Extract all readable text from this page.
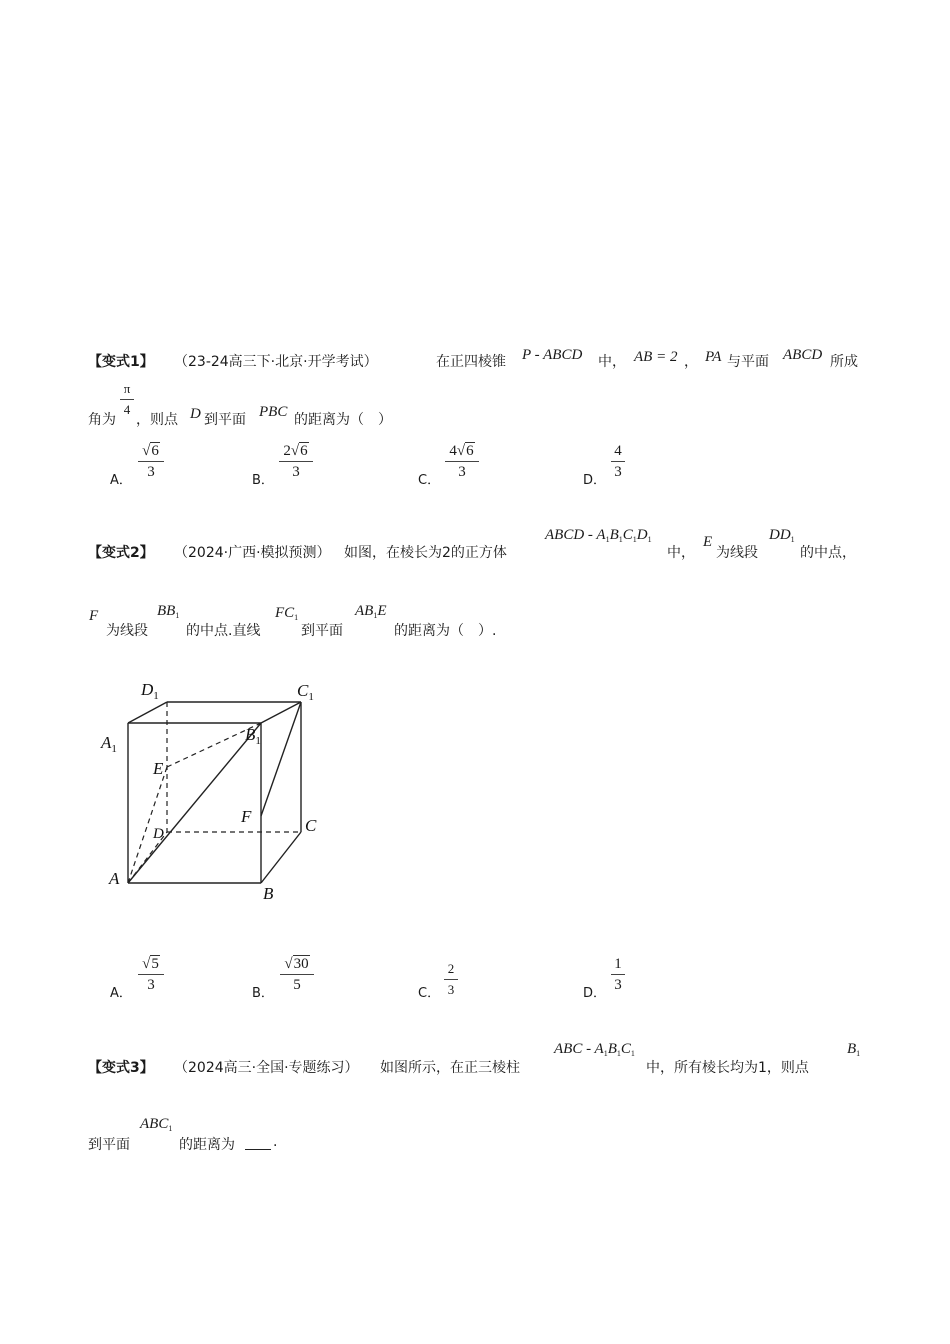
【变式1】 （23-24高三下·北京·开学考试）	在正四棱锥 P - ABCD 中， AB = 2 ， PA 与平面 ABCD 所成
角为
π
4
，则点 D 到平面 PBC 的距离为（　）
A．
√6
3
B．
2√6
3
C．
4√6
3
D．
4
3
【变式2】 （2024·广西·模拟预测） 如图，在棱长为2的正方体
ABCD - $A_1B_1C_1D_1$
中，
E
为线段
$DD_1$
的中点，
F
为线段
$BB_1$
的中点.直线
$FC_1$
到平面
$AB_1E$
的距离为（　）.
$D_1$	$C_1$
$A_1$
$B_1$
E
F	C
D
A
B
A．
√5
3
B．
√30
5
C．
2
3	D．
1
3
【变式3】 （2024高三·全国·专题练习） 如图所示，在正三棱柱
ABC - $A_1B_1C_1$
中，所有棱长均为1，则点
$B_1$
到平面
$ABC_1$
的距离为	.
